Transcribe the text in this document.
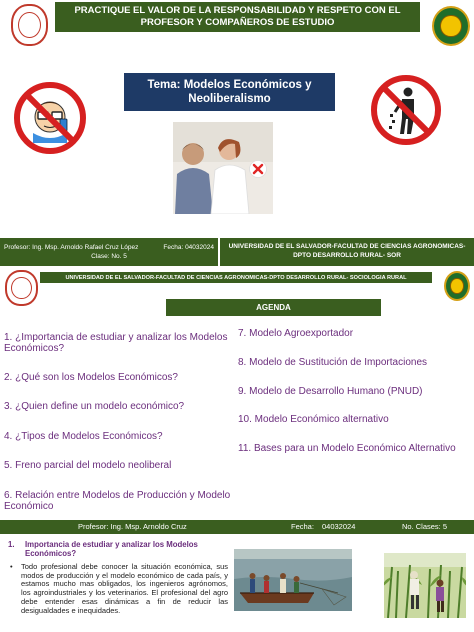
PRACTIQUE EL VALOR DE LA RESPONSABILIDAD Y RESPETO CON EL PROFESOR Y COMPAÑEROS DE ESTUDIO
Tema: Modelos Económicos y
Neoliberalismo
Profesor: Ing. Msp. Arnoldo Rafael Cruz López	Fecha: 04032024
Clase: No. 5
UNIVERSIDAD DE EL SALVADOR-FACULTAD DE CIENCIAS AGRONOMICAS-
DPTO DESARROLLO RURAL- SOR
UNIVERSIDAD DE EL SALVADOR-FACULTAD DE CIENCIAS AGRONOMICAS-DPTO DESARROLLO RURAL- SOCIOLOGIA RURAL
AGENDA
1. ¿Importancia de estudiar y analizar los Modelos Económicos?
2. ¿Qué son los Modelos Económicos?
3. ¿Quien define un modelo económico?
4. ¿Tipos de Modelos Económicos?
5. Freno parcial del modelo neoliberal
6. Relación entre Modelos de Producción y Modelo Económico
7. Modelo Agroexportador
8. Modelo de Sustitución de Importaciones
9. Modelo de Desarrollo Humano (PNUD)
10. Modelo Económico alternativo
11. Bases para un Modelo Económico Alternativo
Profesor: Ing. Msp. Arnoldo Cruz	Fecha: 04032024	No. Clases: 5
1. Importancia de estudiar y analizar los Modelos Económicos?
• Todo profesional debe conocer la situación económica, sus modos de producción y el modelo económico de cada país, y estamos mucho mas obligados, los ingenieros agrónomos, los agroindustriales y los veterinarios. El profesional del agro debe entender esas dinámicas a fin de reducir las desigualdades e inequidades.
